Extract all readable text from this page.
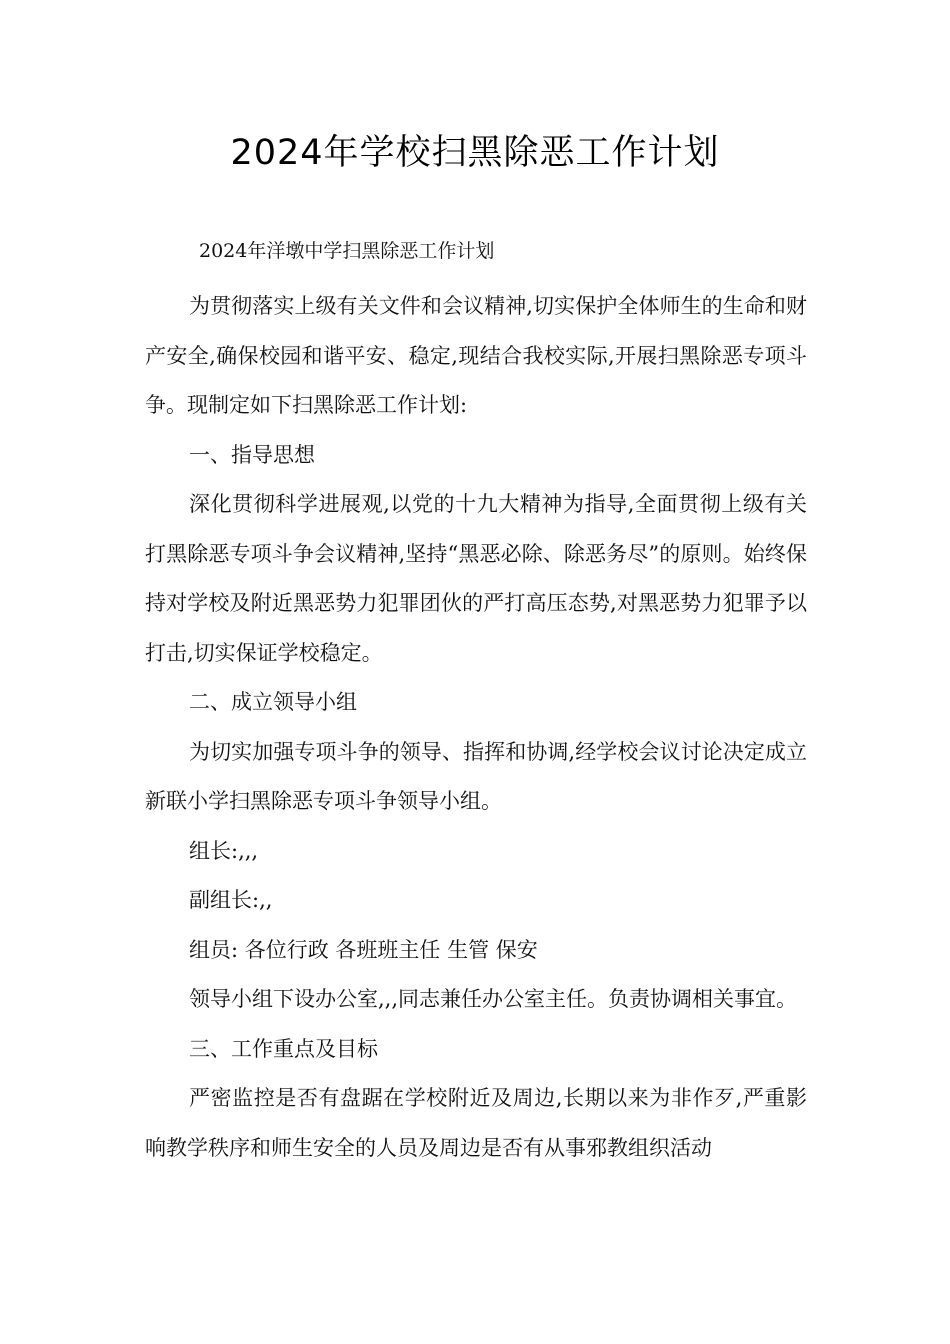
2024年学校扫黑除恶工作计划
2024年洋墩中学扫黑除恶工作计划

为贯彻落实上级有关文件和会议精神,切实保护全体师生的生命和财产安全,确保校园和谐平安、稳定,现结合我校实际,开展扫黑除恶专项斗争。现制定如下扫黑除恶工作计划:

一、指导思想

深化贯彻科学进展观,以党的十九大精神为指导,全面贯彻上级有关打黑除恶专项斗争会议精神,坚持“黑恶必除、除恶务尽”的原则。始终保持对学校及附近黑恶势力犯罪团伙的严打高压态势,对黑恶势力犯罪予以打击,切实保证学校稳定。

二、成立领导小组

为切实加强专项斗争的领导、指挥和协调,经学校会议讨论决定成立新联小学扫黑除恶专项斗争领导小组。

组长:,,,

副组长:,,

组员: 各位行政 各班班主任 生管 保安

领导小组下设办公室,,,同志兼任办公室主任。负责协调相关事宜。

三、工作重点及目标

严密监控是否有盘踞在学校附近及周边,长期以来为非作歹,严重影响教学秩序和师生安全的人员及周边是否有从事邪教组织活动
